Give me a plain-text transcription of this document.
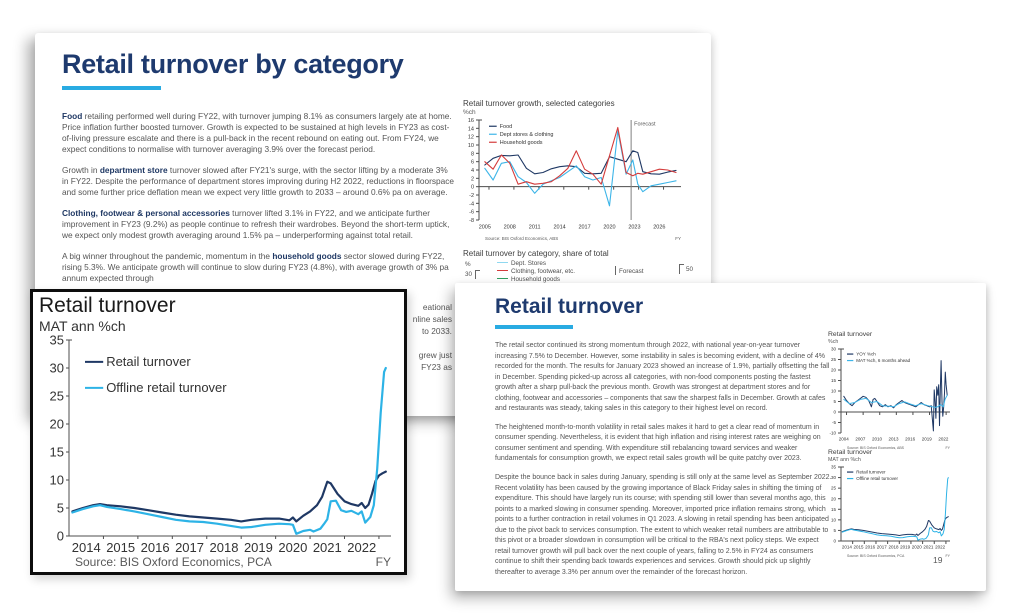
Retail turnover by category

Food retailing performed well during FY22, with turnover jumping 8.1% as consumers largely ate at home. Price inflation further boosted turnover. Growth is expected to be sustained at high levels in FY23 as cost-of-living pressure escalate and there is a pull-back in the recent rebound on eating out. From FY24, we expect conditions to normalise with turnover averaging 3.9% over the forecast period.

Growth in department store turnover slowed after FY21's surge, with the sector lifting by a moderate 3% in FY22. Despite the performance of department stores improving during H2 2022, reductions in floorspace and some further price deflation mean we expect very little growth to 2033 – around 0.6% pa on average.

Clothing, footwear & personal accessories turnover lifted 3.1% in FY22, and we anticipate further improvement in FY23 (9.2%) as people continue to refresh their wardrobes. Beyond the short-term uptick, we expect only modest growth averaging around 1.5% pa – underperforming against total retail.

A big winner throughout the pandemic, momentum in the household goods sector slowed during FY22, rising 5.3%. We anticipate growth will continue to slow during FY23 (4.8%), with average growth of 3% pa annum expected through

eational
nline sales
to 2033.
grew just
FY23 as
Retail turnover growth, selected categories
%ch
-8
-6
-4
-2
0
2
4
6
8
10
12
14
16
2005 2008 2011 2014 2017 2020 2023 2026
Forecast
Food
Dept stores & clothing
Household goods
Source: BIS Oxford Economics, ABS	FY
Retail turnover by category, share of total
%
30
Dept. Stores
Clothing, footwear, etc.
Household goods
Forecast	50
Retail turnover

The retail sector continued its strong momentum through 2022, with national year-on-year turnover increasing 7.5% to December. However, some instability in sales is becoming evident, with a decline of 4% recorded for the month. The results for January 2023 showed an increase of 1.9%, partially offsetting the fall in December. Spending picked-up across all categories, with non-food components posting the fastest growth after a sharp pull-back the previous month. Growth was strongest at department stores and for clothing, footwear and accessories – components that saw the sharpest falls in December. Growth at cafes and restaurants was steady, taking sales in this category to their highest level on record.

The heightened month-to-month volatility in retail sales makes it hard to get a clear read of momentum in consumer spending. Nevertheless, it is evident that high inflation and rising interest rates are weighing on consumer sentiment and spending. With expenditure still rebalancing toward services and weaker fundamentals for consumption growth, we expect retail sales growth will be quite patchy over 2023.

Despite the bounce back in sales during January, spending is still only at the same level as September 2022. Recent volatility has been caused by the growing importance of Black Friday sales in shifting the timing of expenditure. This should have largely run its course; with spending still lower than several months ago, this points to a marked slowing in consumer spending. Moreover, imported price inflation remains strong, which points to a further contraction in retail volumes in Q1 2023. A slowing in retail spending has been anticipated due to the pivot back to services consumption. The extent to which weaker retail numbers are attributable to this pivot or a broader slowdown in consumption will be critical to the RBA's next policy steps. We expect retail turnover growth will pull back over the next couple of years, falling to 2.5% in FY24 as consumers continue to shift their spending back towards experiences and services. Growth should pick up slightly thereafter to average 3.3% per annum over the remainder of the forecast horizon.

Retail turnover
%ch
-10
-5
0
5
10
15
20
25
30
2004 2007 2010 2013 2016 2019 2022
YOY %ch
MAT %ch, 6 months ahead
Source: BIS Oxford Economics, ABS	FY
Retail turnover
MAT ann %ch
0
5
10
15
20
25
30
35
2014 2015 2016 2017 2018 2019 2020 2021 2022
Retail turnover
Offline retail turnover
Source: BIS Oxford Economics, PCA	FY
19
Retail turnover
MAT ann %ch
0
5
10
15
20
25
30
35
2014 2015 2016 2017 2018 2019 2020 2021 2022
Retail turnover
Offline retail turnover
Source: BIS Oxford Economics, PCA	FY
